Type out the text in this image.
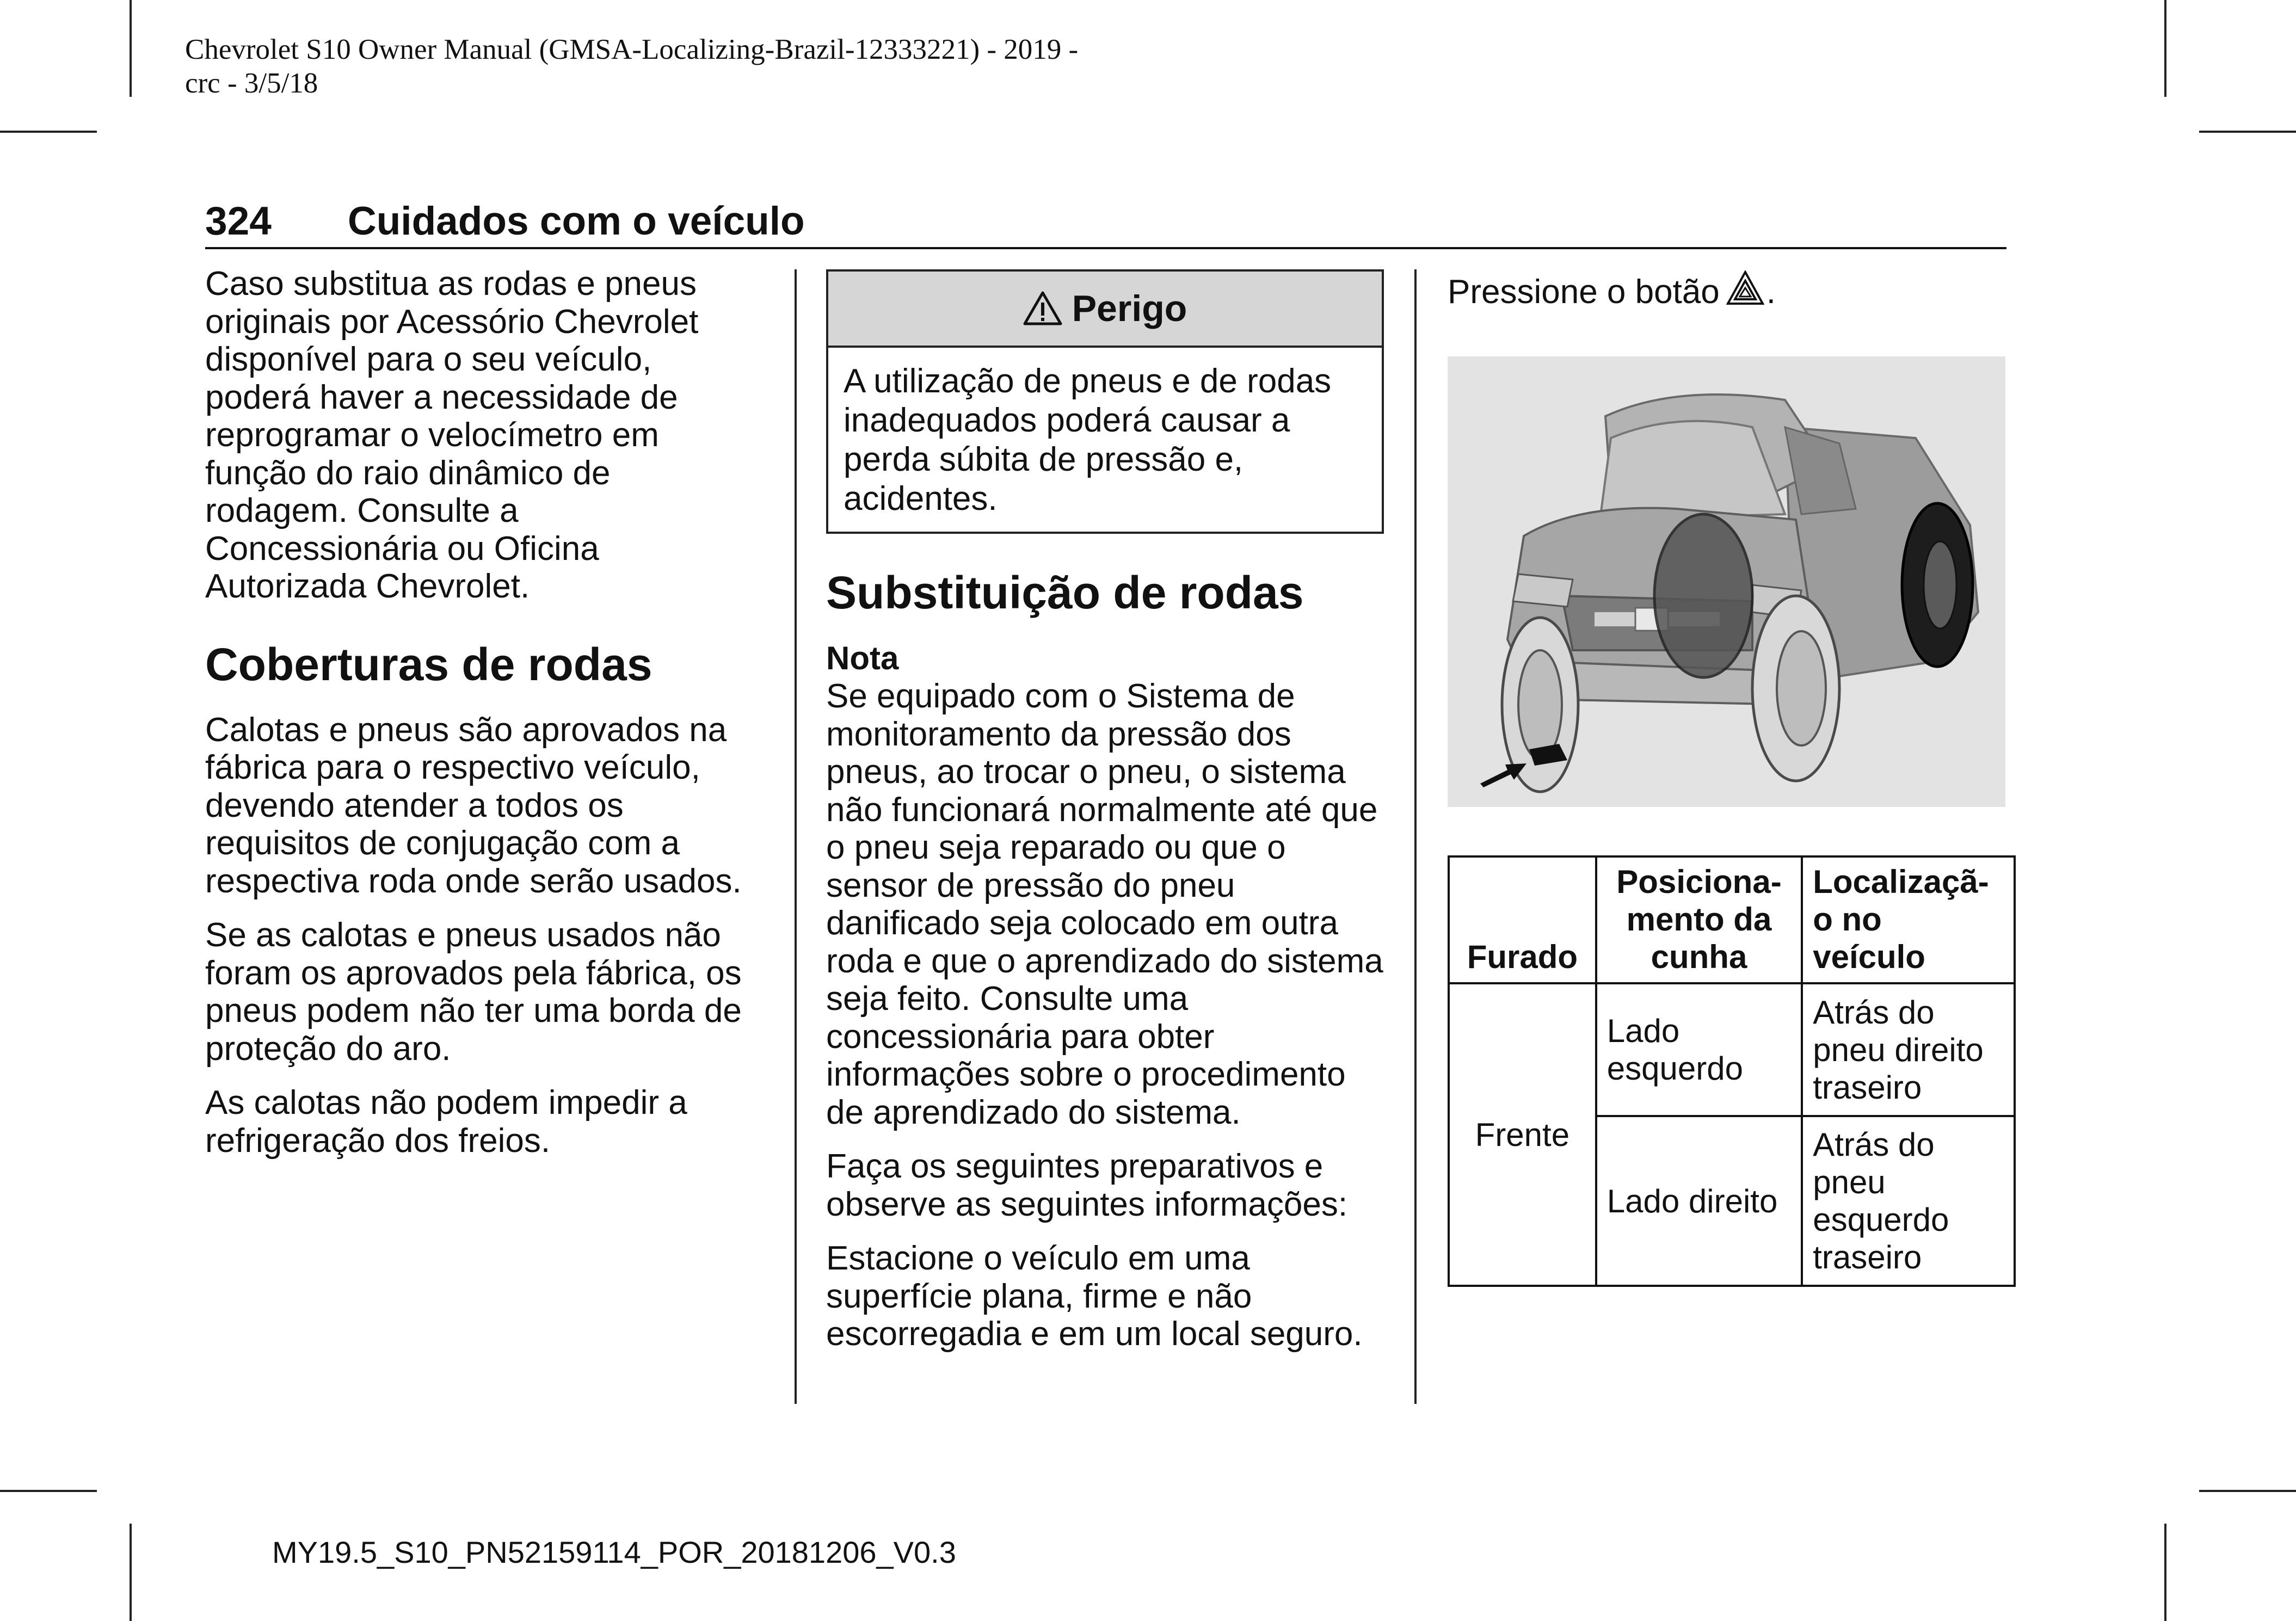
Chevrolet S10 Owner Manual (GMSA-Localizing-Brazil-12333221) - 2019 -
crc - 3/5/18
324 Cuidados com o veículo

Caso substitua as rodas e pneus originais por Acessório Chevrolet disponível para o seu veículo, poderá haver a necessidade de reprogramar o velocímetro em função do raio dinâmico de rodagem. Consulte a Concessionária ou Oficina Autorizada Chevrolet.

Coberturas de rodas

Calotas e pneus são aprovados na fábrica para o respectivo veículo, devendo atender a todos os requisitos de conjugação com a respectiva roda onde serão usados.

Se as calotas e pneus usados não foram os aprovados pela fábrica, os pneus podem não ter uma borda de proteção do aro.

As calotas não podem impedir a refrigeração dos freios.

Perigo
A utilização de pneus e de rodas inadequados poderá causar a perda súbita de pressão e, acidentes.
Substituição de rodas
Nota

Se equipado com o Sistema de monitoramento da pressão dos pneus, ao trocar o pneu, o sistema não funcionará normalmente até que o pneu seja reparado ou que o sensor de pressão do pneu danificado seja colocado em outra roda e que o aprendizado do sistema seja feito. Consulte uma concessionária para obter informações sobre o procedimento de aprendizado do sistema.

Faça os seguintes preparativos e observe as seguintes informações:

Estacione o veículo em uma superfície plana, firme e não escorregadia e em um local seguro.

Pressione o botão .

Furado	Posiciona-
mento da
cunha	Localizaçã-
o no
veículo
Frente	Lado esquerdo	Atrás do pneu direito traseiro
	Lado direito	Atrás do pneu esquerdo traseiro
MY19.5_S10_PN52159114_POR_20181206_V0.3
